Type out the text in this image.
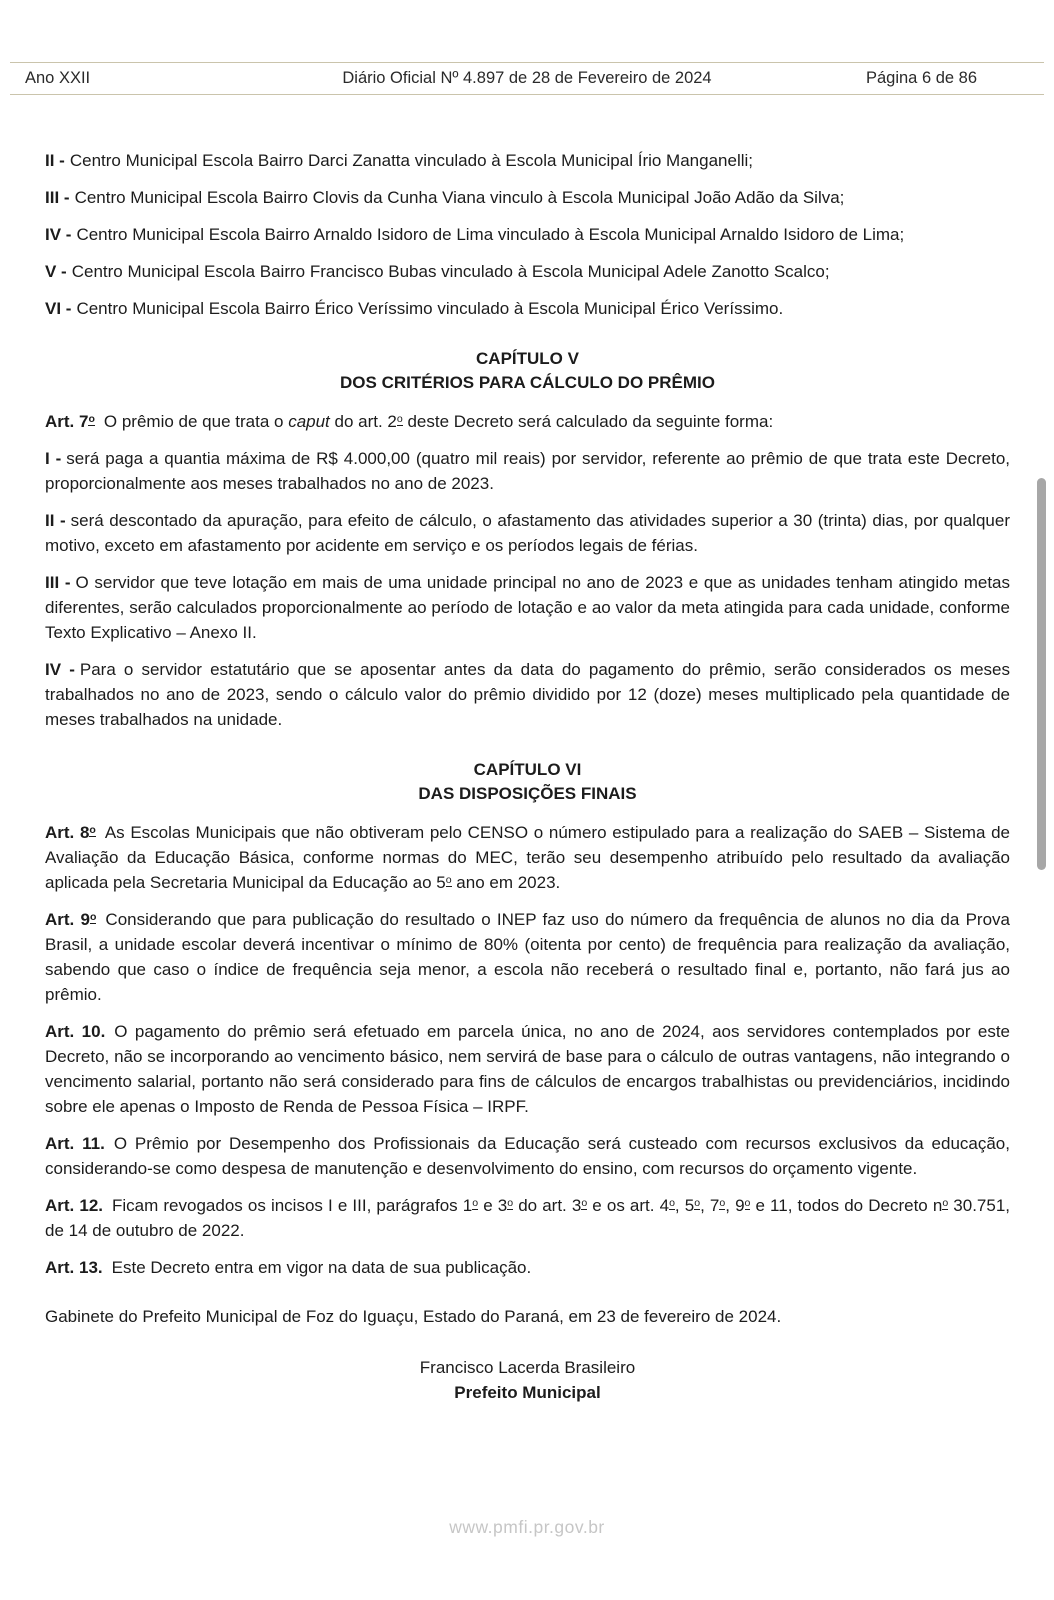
Ano XXII	Diário Oficial Nº 4.897 de 28 de Fevereiro de 2024	Página 6 de 86

II - Centro Municipal Escola Bairro Darci Zanatta vinculado à Escola Municipal Írio Manganelli;

III - Centro Municipal Escola Bairro Clovis da Cunha Viana vinculo à Escola Municipal João Adão da Silva;

IV - Centro Municipal Escola Bairro Arnaldo Isidoro de Lima vinculado à Escola Municipal Arnaldo Isidoro de Lima;

V - Centro Municipal Escola Bairro Francisco Bubas vinculado à Escola Municipal Adele Zanotto Scalco;

VI - Centro Municipal Escola Bairro Érico Veríssimo vinculado à Escola Municipal Érico Veríssimo.

CAPÍTULO V
DOS CRITÉRIOS PARA CÁLCULO DO PRÊMIO

Art. 7o O prêmio de que trata o caput do art. 2o deste Decreto será calculado da seguinte forma:

I - será paga a quantia máxima de R$ 4.000,00 (quatro mil reais) por servidor, referente ao prêmio de que trata este Decreto, proporcionalmente aos meses trabalhados no ano de 2023.

II - será descontado da apuração, para efeito de cálculo, o afastamento das atividades superior a 30 (trinta) dias, por qualquer motivo, exceto em afastamento por acidente em serviço e os períodos legais de férias.

III - O servidor que teve lotação em mais de uma unidade principal no ano de 2023 e que as unidades tenham atingido metas diferentes, serão calculados proporcionalmente ao período de lotação e ao valor da meta atingida para cada unidade, conforme Texto Explicativo – Anexo II.

IV - Para o servidor estatutário que se aposentar antes da data do pagamento do prêmio, serão considerados os meses trabalhados no ano de 2023, sendo o cálculo valor do prêmio dividido por 12 (doze) meses multiplicado pela quantidade de meses trabalhados na unidade.

CAPÍTULO VI
DAS DISPOSIÇÕES FINAIS

Art. 8o As Escolas Municipais que não obtiveram pelo CENSO o número estipulado para a realização do SAEB – Sistema de Avaliação da Educação Básica, conforme normas do MEC, terão seu desempenho atribuído pelo resultado da avaliação aplicada pela Secretaria Municipal da Educação ao 5o ano em 2023.

Art. 9o Considerando que para publicação do resultado o INEP faz uso do número da frequência de alunos no dia da Prova Brasil, a unidade escolar deverá incentivar o mínimo de 80% (oitenta por cento) de frequência para realização da avaliação, sabendo que caso o índice de frequência seja menor, a escola não receberá o resultado final e, portanto, não fará jus ao prêmio.

Art. 10. O pagamento do prêmio será efetuado em parcela única, no ano de 2024, aos servidores contemplados por este Decreto, não se incorporando ao vencimento básico, nem servirá de base para o cálculo de outras vantagens, não integrando o vencimento salarial, portanto não será considerado para fins de cálculos de encargos trabalhistas ou previdenciários, incidindo sobre ele apenas o Imposto de Renda de Pessoa Física – IRPF.

Art. 11. O Prêmio por Desempenho dos Profissionais da Educação será custeado com recursos exclusivos da educação, considerando-se como despesa de manutenção e desenvolvimento do ensino, com recursos do orçamento vigente.

Art. 12. Ficam revogados os incisos I e III, parágrafos 1o e 3o do art. 3o e os art. 4o, 5o, 7o, 9o e 11, todos do Decreto no 30.751, de 14 de outubro de 2022.

Art. 13. Este Decreto entra em vigor na data de sua publicação.

Gabinete do Prefeito Municipal de Foz do Iguaçu, Estado do Paraná, em 23 de fevereiro de 2024.

Francisco Lacerda Brasileiro

Prefeito Municipal

www.pmfi.pr.gov.br
